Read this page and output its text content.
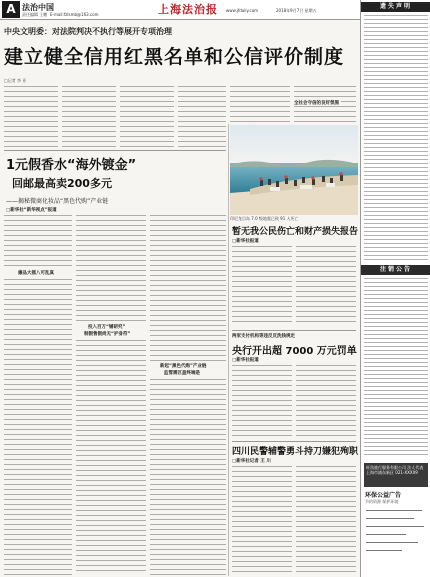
A 法治中国
责任编辑 王鹏 E-mail:fzlsmb@163.com	上海法治报 www.jfdaily.com	2018年9月7日 星期五
中央文明委：对法院判决不执行等展开专项治理
建立健全信用红黑名单和公信评价制度
□记者 李 亚
全社会守信的良好氛围
1元假香水“海外镀金”
回邮最高卖200多元
——揭秘微商化妆品“黑色代购”产业链
□新华社“新华视点”报道
廉品大摇八可乱真
投入百万“铺研究”
制假售假尚无“护身符”
新起“黑色代购”产业链
监管需区盈终端是
印尼龙目岛 7.0 级地震已致 91 人死亡
暂无我公民伤亡和财产损失报告
□新华社报道
两家支付机构等违反反洗钱规定
央行开出超 7000 万元罚单
□新华社报道
四川民警辅警勇斗持刀嫌犯殉职
□新华社记者 王 川
遗失声明
注销公告
旺角旅行服务有限公司 法人代表 上海市浦东新区 021-XXXX9
环保公益广告
节约资源 保护环境
